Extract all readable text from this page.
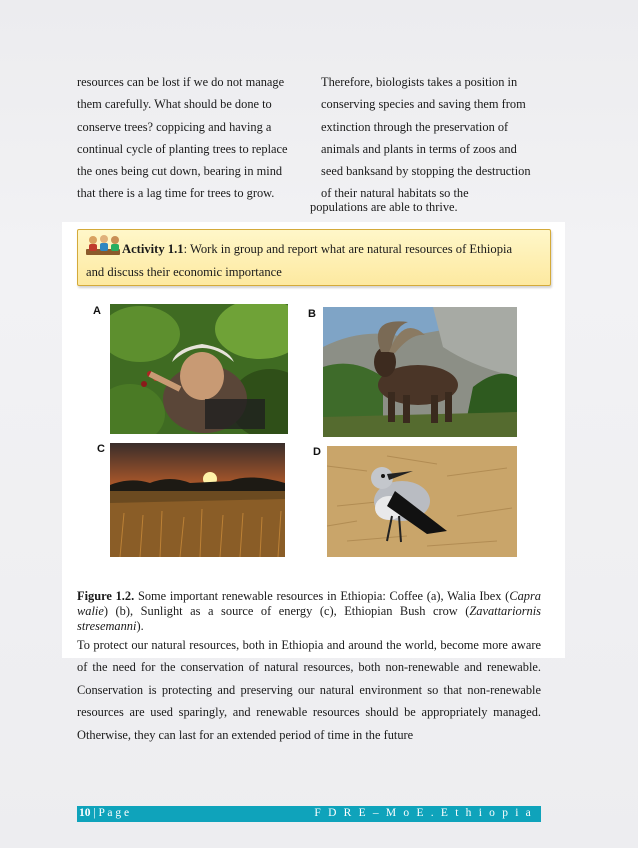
resources can be lost if we do not manage

them carefully. What should be done to

conserve trees? coppicing and having a

continual cycle of planting trees to replace

the ones being cut down, bearing in mind

that there is a lag time for trees to grow.

Therefore, biologists takes a position in

conserving species and saving them from

extinction through the preservation of

animals and plants in terms of zoos and

seed banksand by stopping the destruction

of their natural habitats so the

populations are able to thrive.
Activity 1.1: Work in group and report what are natural resources of Ethiopia
and discuss their economic importance
A	B
C	D
Figure 1.2. Some important renewable resources in Ethiopia: Coffee (a), Walia Ibex (Capra walie) (b), Sunlight as a source of energy (c), Ethiopian Bush crow (Zavattariornis stresemanni).

To protect our natural resources, both in Ethiopia and around the world, become more aware of the need for the conservation of natural resources, both non-renewable and renewable. Conservation is protecting and preserving our natural environment so that non-renewable resources are used sparingly, and renewable resources should be appropriately managed. Otherwise, they can last for an extended period of time in the future

10 | P a g e	F D R E – M o E . E t h i o p i a
